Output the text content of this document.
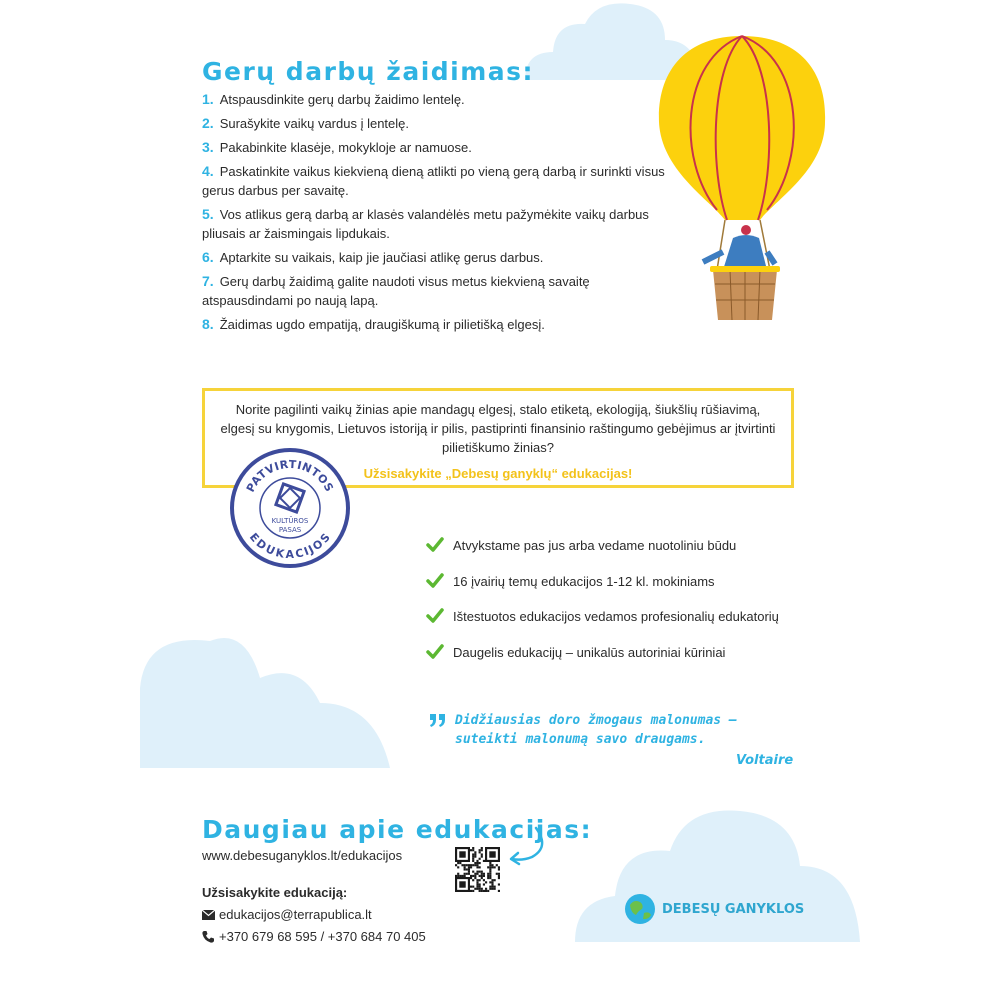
Gerų darbų žaidimas:
1. Atspausdinkite gerų darbų žaidimo lentelę.
2. Surašykite vaikų vardus į lentelę.
3. Pakabinkite klasėje, mokykloje ar namuose.
4. Paskatinkite vaikus kiekvieną dieną atlikti po vieną gerą darbą ir surinkti visus gerus darbus per savaitę.
5. Vos atlikus gerą darbą ar klasės valandėlės metu pažymėkite vaikų darbus pliusais ar žaismingais lipdukais.
6. Aptarkite su vaikais, kaip jie jaučiasi atlikę gerus darbus.
7. Gerų darbų žaidimą galite naudoti visus metus kiekvieną savaitę atspausdindami po naują lapą.
8. Žaidimas ugdo empatiją, draugiškumą ir pilietišką elgesį.
Norite pagilinti vaikų žinias apie mandagų elgesį, stalo etiketą, ekologiją, šiukšlių rūšiavimą, elgesį su knygomis, Lietuvos istoriją ir pilis, pastiprinti finansinio raštingumo gebėjimus ar įtvirtinti pilietiškumo žinias?
Užsisakykite „Debesų ganyklų“ edukacijas!
PATVIRTINTOS
EDUKACIJOS
KULTŪROS
PASAS
Atvykstame pas jus arba vedame nuotoliniu būdu
16 įvairių temų edukacijos 1-12 kl. mokiniams
Ištestuotos edukacijos vedamos profesionalių edukatorių
Daugelis edukacijų – unikalūs autoriniai kūriniai
Didžiausias doro žmogaus malonumas –
suteikti malonumą savo draugams.
Voltaire
Daugiau apie edukacijas:
www.debesuganyklos.lt/edukacijos
Užsisakykite edukaciją:
edukacijos@terrapublica.lt
+370 679 68 595 / +370 684 70 405
DEBESŲ GANYKLOS
